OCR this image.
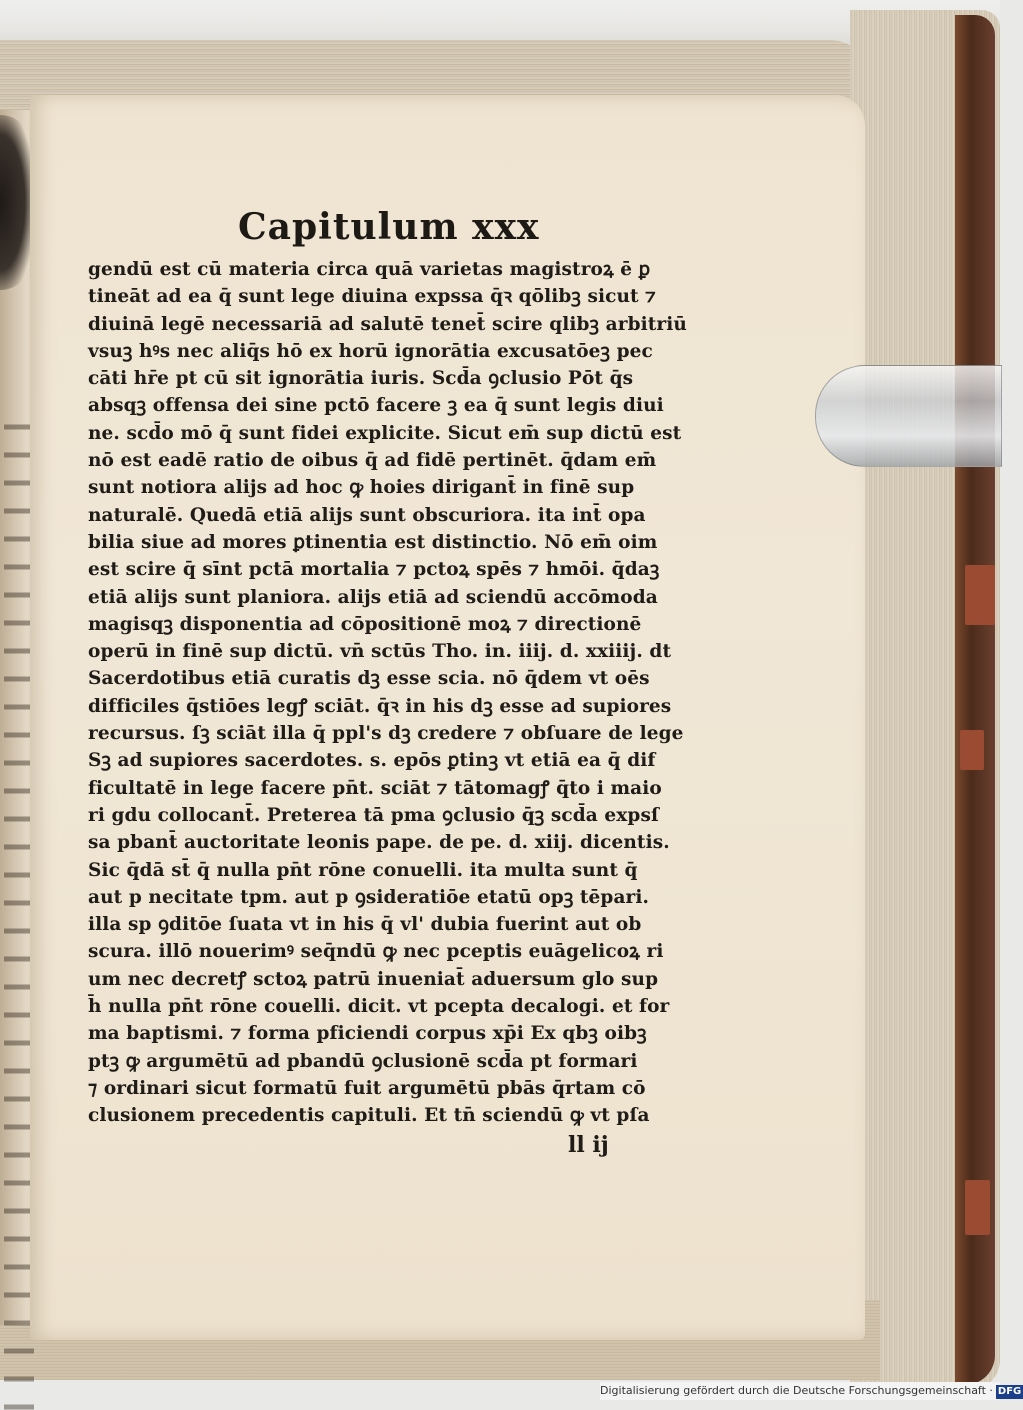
Capitulum xxx
gendū est cū materia circa quā varietas magistroꝝ ē ꝑ
tineāt ad ea q̄ sunt lege diuina expssa q̄ꝛ qōlibꝫ sicut ⁊
diuinā legē necessariā ad salutē tenet̄ scire qlibꝫ arbitriū
vsuꝫ hꝰs nec aliq̄s hō ex horū ignorātia excusatōeꝫ pec
cāti hr̄e pt cū sit ignorātia iuris. Scd̄a ꝯclusio Pōt q̄s
absqꝫ offensa dei sine pctō facere ꝫ ea q̄ sunt legis diui
ne. scd̄o mō q̄ sunt fidei explicite. Sicut em̄ sup dictū est
nō est eadē ratio de oibus q̄ ad fidē pertinēt. q̄dam em̄
sunt notiora alijs ad hoc ꝙ hoies dirigant̄ in finē sup
naturalē. Quedā etiā alijs sunt obscuriora. ita int̄ opa
bilia siue ad mores ꝑtinentia est distinctio. Nō em̄ oim
est scire q̄ sīnt pctā mortalia ⁊ pctoꝝ spēs ⁊ hmōi. q̄daꝫ
etiā alijs sunt planiora. alijs etiā ad sciendū accōmoda
magisqꝫ disponentia ad cōpositionē moꝝ ⁊ directionē
operū in finē sup dictū. vn̄ sctūs Tho. in. iiij. d. xxiiij. dt
Sacerdotibus etiā curatis dꝫ esse scia. nō q̄dem vt oēs
difficiles q̄stiōes legꝭ sciāt. q̄ꝛ in his dꝫ esse ad supiores
recursus. ſꝫ sciāt illa q̄ ppl's dꝫ credere ⁊ obſuare de lege
Sꝫ ad supiores sacerdotes. s. epōs ꝑtinꝫ vt etiā ea q̄ dif
ficultatē in lege facere pn̄t. sciāt ⁊ tātomagꝭ q̄to i maio
ri gdu collocant̄. Preterea tā pma ꝯclusio q̄ꝫ scd̄a expsſ
sa pbant̄ auctoritate leonis pape. de pe. d. xiij. dicentis.
Sic q̄dā st̄ q̄ nulla pn̄t rōne conuelli. ita multa sunt q̄
aut p necitate tpm. aut p ꝯsideratiōe etatū opꝫ tēpari.
illa sp ꝯditōe ſuata vt in his q̄ vl' dubia fuerint aut ob
scura. illō nouerimꝰ seq̄ndū ꝙ nec pceptis euāgelicoꝝ ri
um nec decretꝭ sctoꝝ patrū inueniat̄ aduersum glo sup
h̄ nulla pn̄t rōne couelli. dicit. vt pcepta decalogi. et for
ma baptismi. ⁊ forma pficiendi corpus xp̄i Ex qbꝫ oibꝫ
ptꝫ ꝙ argumētū ad pbandū ꝯclusionē scd̄a pt formari
⁊ ordinari sicut formatū fuit argumētū pbās q̄rtam cō
clusionem precedentis capituli. Et tn̄ sciendū ꝙ vt pſa
ll ij
Digitalisierung gefördert durch die Deutsche Forschungsgemeinschaft · DFG
